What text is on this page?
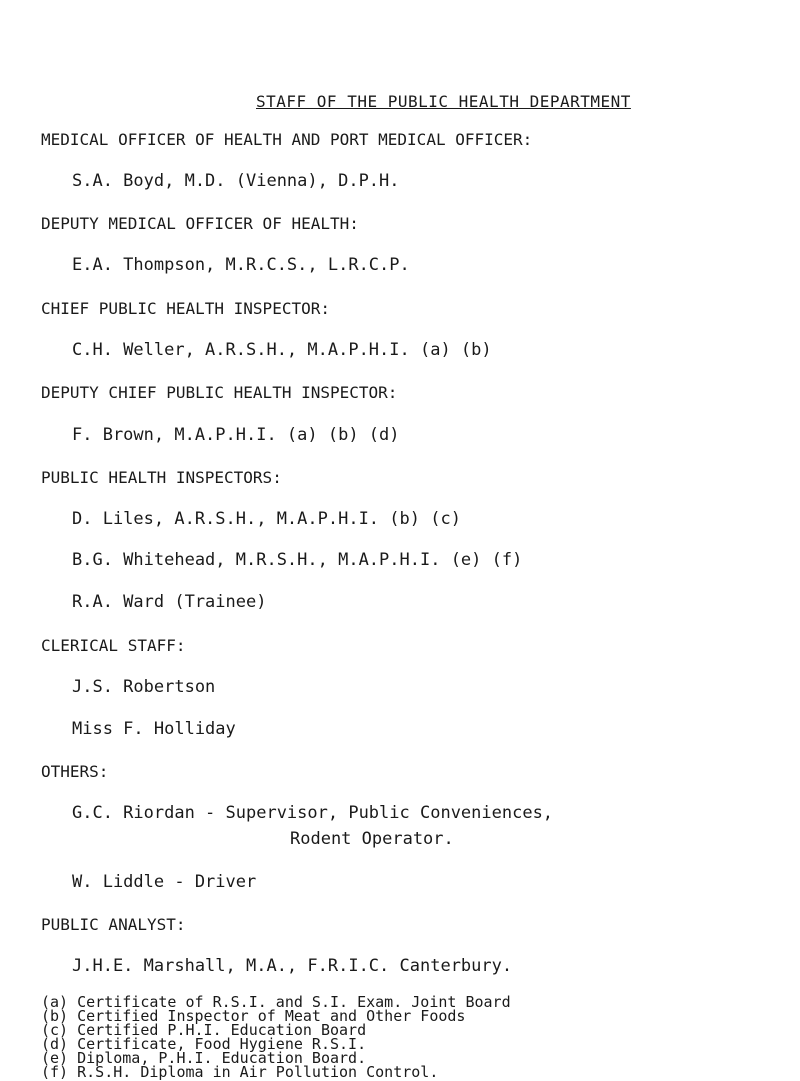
STAFF OF THE PUBLIC HEALTH DEPARTMENT
MEDICAL OFFICER OF HEALTH AND PORT MEDICAL OFFICER:
S.A. Boyd, M.D. (Vienna), D.P.H.
DEPUTY MEDICAL OFFICER OF HEALTH:
E.A. Thompson, M.R.C.S., L.R.C.P.
CHIEF PUBLIC HEALTH INSPECTOR:
C.H. Weller, A.R.S.H., M.A.P.H.I. (a) (b)
DEPUTY CHIEF PUBLIC HEALTH INSPECTOR:
F. Brown, M.A.P.H.I. (a) (b) (d)
PUBLIC HEALTH INSPECTORS:
D. Liles, A.R.S.H., M.A.P.H.I. (b) (c)
B.G. Whitehead, M.R.S.H., M.A.P.H.I. (e) (f)
R.A. Ward (Trainee)
CLERICAL STAFF:
J.S. Robertson
Miss F. Holliday
OTHERS:
G.C. Riordan - Supervisor, Public Conveniences,
Rodent Operator.
W. Liddle - Driver
PUBLIC ANALYST:
J.H.E. Marshall, M.A., F.R.I.C. Canterbury.
(a) Certificate of R.S.I. and S.I. Exam. Joint Board
(b) Certified Inspector of Meat and Other Foods
(c) Certified P.H.I. Education Board
(d) Certificate, Food Hygiene R.S.I.
(e) Diploma, P.H.I. Education Board.
(f) R.S.H. Diploma in Air Pollution Control.
